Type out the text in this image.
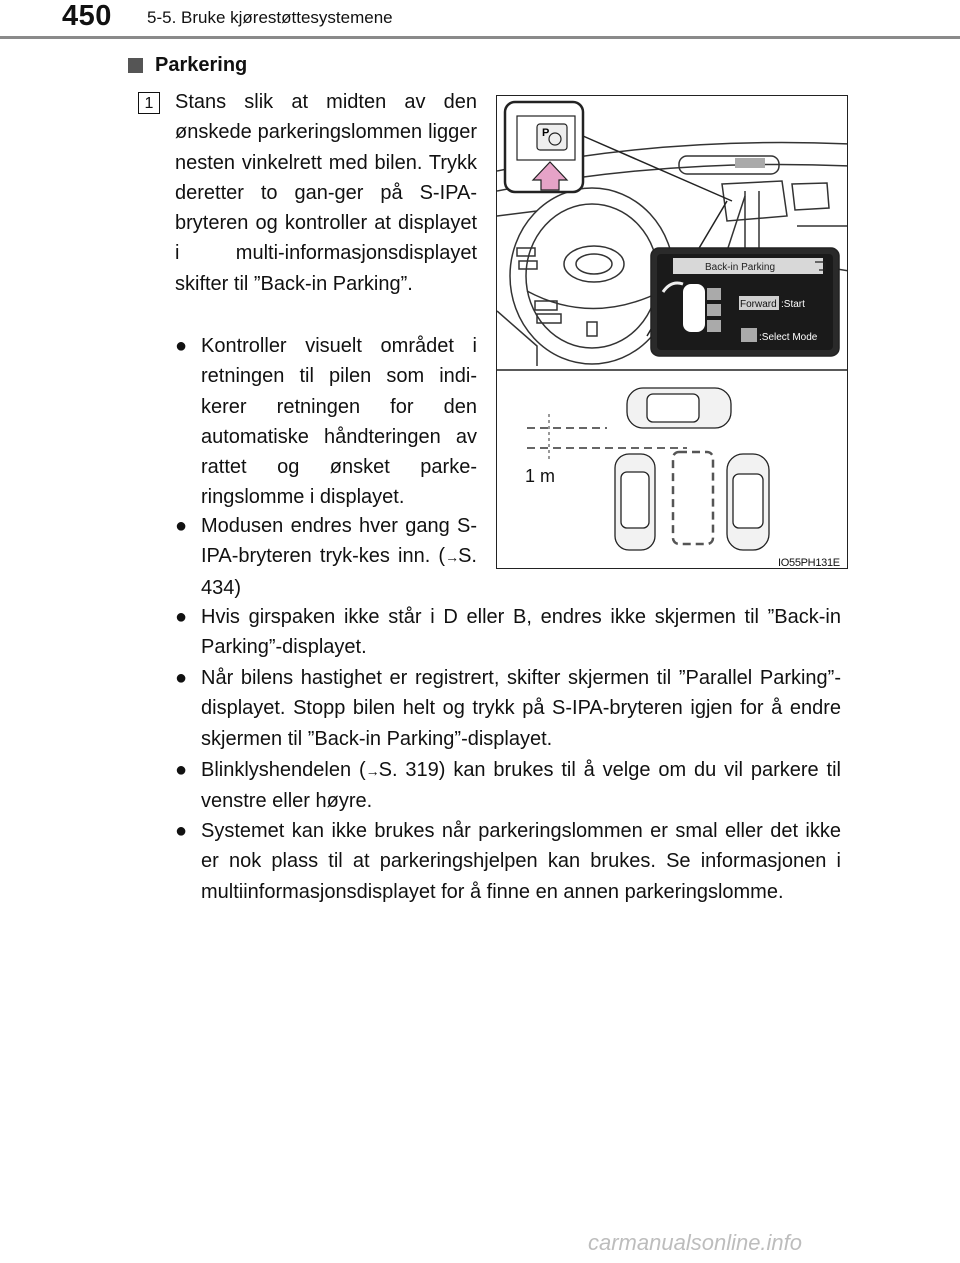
450 5-5. Bruke kjørestøttesystemene
Parkering
1	Stans slik at midten av den ønskede parkeringslommen ligger nesten vinkelrett med bilen. Trykk deretter to gan-ger på S-IPA-bryteren og kontroller at displayet i multi-informasjonsdisplayet skifter til ”Back-in Parking”.

● Kontroller visuelt området i retningen til pilen som indi-kerer retningen for den automatiske håndteringen av rattet og ønsket parke-ringslomme i displayet.

● Modusen endres hver gang S-IPA-bryteren tryk-kes inn. (→S. 434)

● Hvis girspaken ikke står i D eller B, endres ikke skjermen til ”Back-in Parking”-displayet.

● Når bilens hastighet er registrert, skifter skjermen til ”Parallel Parking”-displayet. Stopp bilen helt og trykk på S-IPA-bryteren igjen for å endre skjermen til ”Back-in Parking”-displayet.

● Blinklyshendelen (→S. 319) kan brukes til å velge om du vil parkere til venstre eller høyre.

● Systemet kan ikke brukes når parkeringslommen er smal eller det ikke er nok plass til at parkeringshjelpen kan brukes. Se informasjonen i multiinformasjonsdisplayet for å finne en annen parkeringslomme.

P
Back-in Parking
Forward :Start
:Select Mode
1 m
IO55PH131E
carmanualsonline.info
